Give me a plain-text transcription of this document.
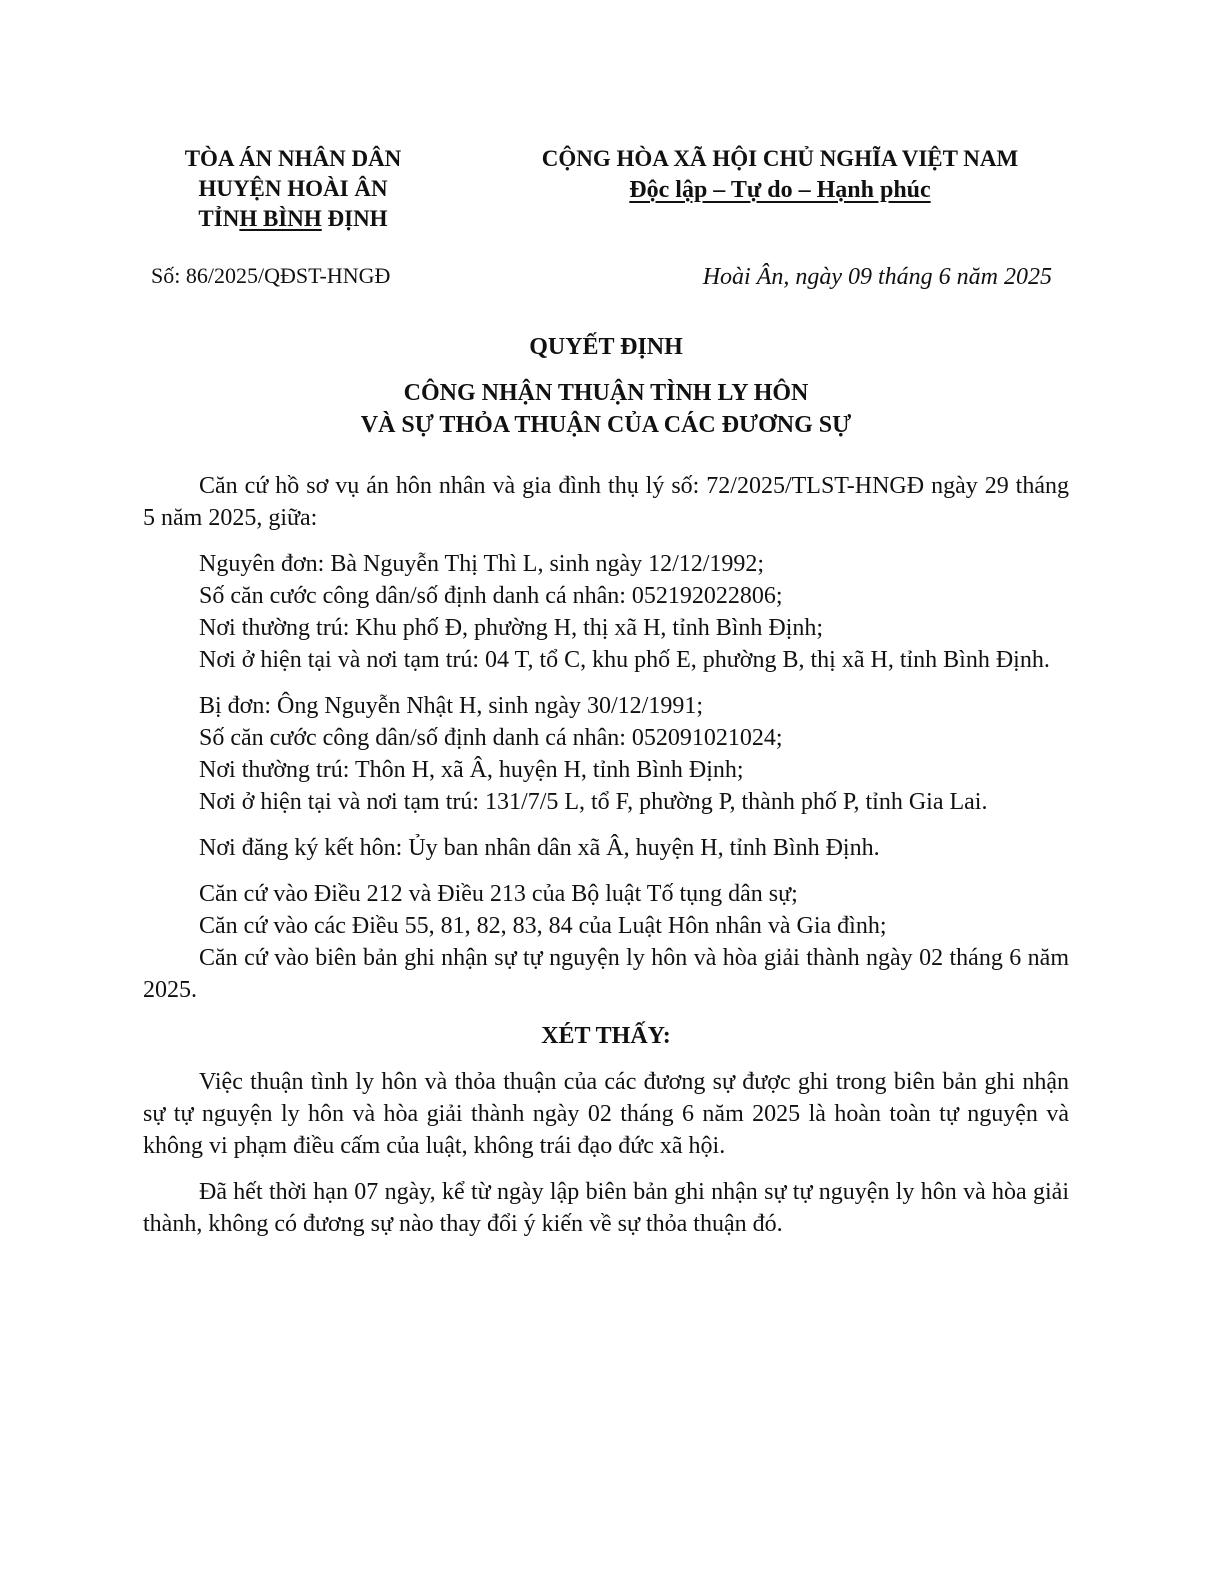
TÒA ÁN NHÂN DÂN
HUYỆN HOÀI ÂN
TỈNH BÌNH ĐỊNH
CỘNG HÒA XÃ HỘI CHỦ NGHĨA VIỆT NAM
Độc lập – Tự do – Hạnh phúc
Số: 86/2025/QĐST-HNGĐ	Hoài Ân, ngày 09 tháng 6 năm 2025
QUYẾT ĐỊNH
CÔNG NHẬN THUẬN TÌNH LY HÔN
VÀ SỰ THỎA THUẬN CỦA CÁC ĐƯƠNG SỰ

Căn cứ hồ sơ vụ án hôn nhân và gia đình thụ lý số: 72/2025/TLST-HNGĐ ngày 29 tháng 5 năm 2025, giữa:

Nguyên đơn: Bà Nguyễn Thị Thì L, sinh ngày 12/12/1992;

Số căn cước công dân/số định danh cá nhân: 052192022806;

Nơi thường trú: Khu phố Đ, phường H, thị xã H, tỉnh Bình Định;

Nơi ở hiện tại và nơi tạm trú: 04 T, tổ C, khu phố E, phường B, thị xã H, tỉnh Bình Định.

Bị đơn: Ông Nguyễn Nhật H, sinh ngày 30/12/1991;

Số căn cước công dân/số định danh cá nhân: 052091021024;

Nơi thường trú: Thôn H, xã Â, huyện H, tỉnh Bình Định;

Nơi ở hiện tại và nơi tạm trú: 131/7/5 L, tổ F, phường P, thành phố P, tỉnh Gia Lai.

Nơi đăng ký kết hôn: Ủy ban nhân dân xã Â, huyện H, tỉnh Bình Định.

Căn cứ vào Điều 212 và Điều 213 của Bộ luật Tố tụng dân sự;

Căn cứ vào các Điều 55, 81, 82, 83, 84 của Luật Hôn nhân và Gia đình;

Căn cứ vào biên bản ghi nhận sự tự nguyện ly hôn và hòa giải thành ngày 02 tháng 6 năm 2025.

XÉT THẤY:

Việc thuận tình ly hôn và thỏa thuận của các đương sự được ghi trong biên bản ghi nhận sự tự nguyện ly hôn và hòa giải thành ngày 02 tháng 6 năm 2025 là hoàn toàn tự nguyện và không vi phạm điều cấm của luật, không trái đạo đức xã hội.

Đã hết thời hạn 07 ngày, kể từ ngày lập biên bản ghi nhận sự tự nguyện ly hôn và hòa giải thành, không có đương sự nào thay đổi ý kiến về sự thỏa thuận đó.
